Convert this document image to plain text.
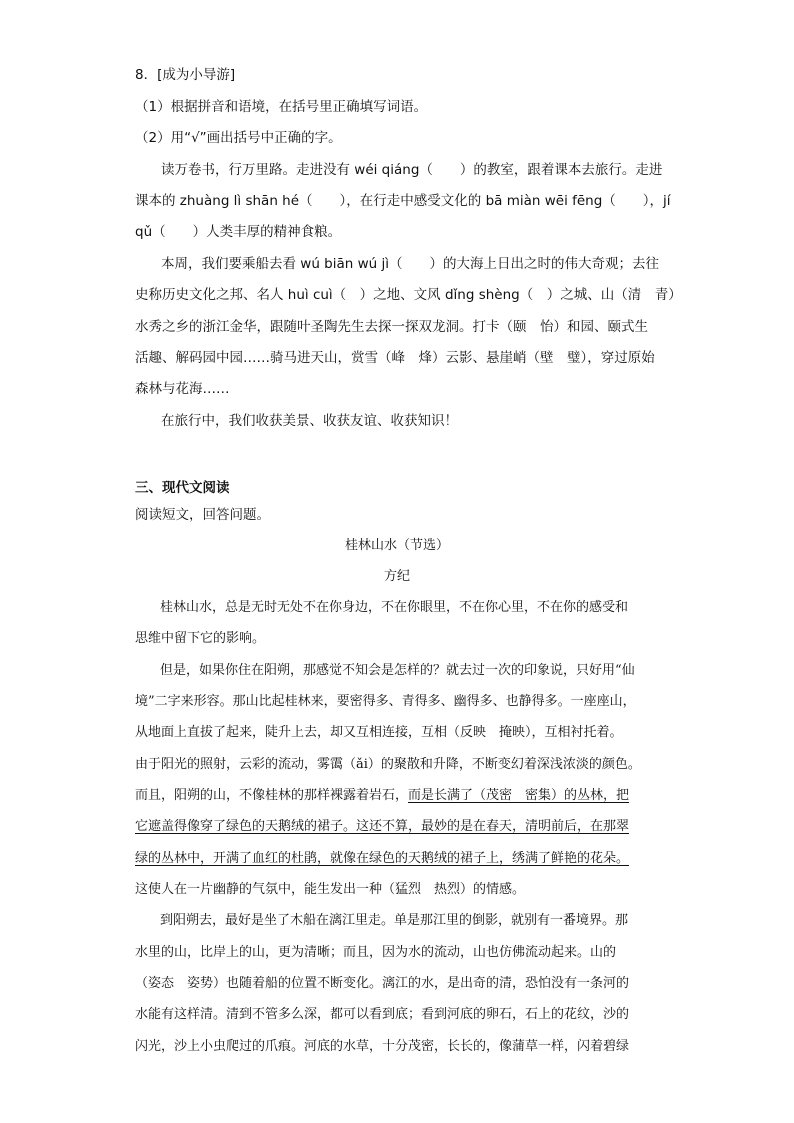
8．[成为小导游]
（1）根据拼音和语境，在括号里正确填写词语。
（2）用“√”画出括号中正确的字。
读万卷书，行万里路。走进没有 wéi qiáng（　　）的教室，跟着课本去旅行。走进
课本的 zhuàng lì shān hé（　　），在行走中感受文化的 bā miàn wēi fēng（　　），jí
qǔ（　　）人类丰厚的精神食粮。
本周，我们要乘船去看 wú biān wú jì（　　）的大海上日出之时的伟大奇观；去往
史称历史文化之邦、名人 huì cuì（　）之地、文风 dǐng shèng（　）之城、山（清　青）
水秀之乡的浙江金华，跟随叶圣陶先生去探一探双龙洞。打卡（颐　怡）和园、颐式生
活趣、解码园中园……骑马进天山，赏雪（峰　烽）云影、悬崖峭（壁　璧），穿过原始
森林与花海……
在旅行中，我们收获美景、收获友谊、收获知识！
三、现代文阅读
阅读短文，回答问题。
桂林山水（节选）
方纪
桂林山水，总是无时无处不在你身边，不在你眼里，不在你心里，不在你的感受和
思维中留下它的影响。
但是，如果你住在阳朔，那感觉不知会是怎样的？就去过一次的印象说，只好用“仙
境”二字来形容。那山比起桂林来，要密得多、青得多、幽得多、也静得多。一座座山，
从地面上直拔了起来，陡升上去，却又互相连接，互相（反映　掩映），互相衬托着。
由于阳光的照射，云彩的流动，雾霭（ǎi）的聚散和升降，不断变幻着深浅浓淡的颜色。
而且，阳朔的山，不像桂林的那样裸露着岩石，而是长满了（茂密　密集）的丛林，把
它遮盖得像穿了绿色的天鹅绒的裙子。这还不算，最妙的是在春天，清明前后，在那翠
绿的丛林中，开满了血红的杜鹃，就像在绿色的天鹅绒的裙子上，绣满了鲜艳的花朵。
这使人在一片幽静的气氛中，能生发出一种（猛烈　热烈）的情感。
到阳朔去，最好是坐了木船在漓江里走。单是那江里的倒影，就别有一番境界。那
水里的山，比岸上的山，更为清晰；而且，因为水的流动，山也仿佛流动起来。山的
（姿态　姿势）也随着船的位置不断变化。漓江的水，是出奇的清，恐怕没有一条河的
水能有这样清。清到不管多么深，都可以看到底；看到河底的卵石，石上的花纹，沙的
闪光，沙上小虫爬过的爪痕。河底的水草，十分茂密，长长的，像蒲草一样，闪着碧绿
